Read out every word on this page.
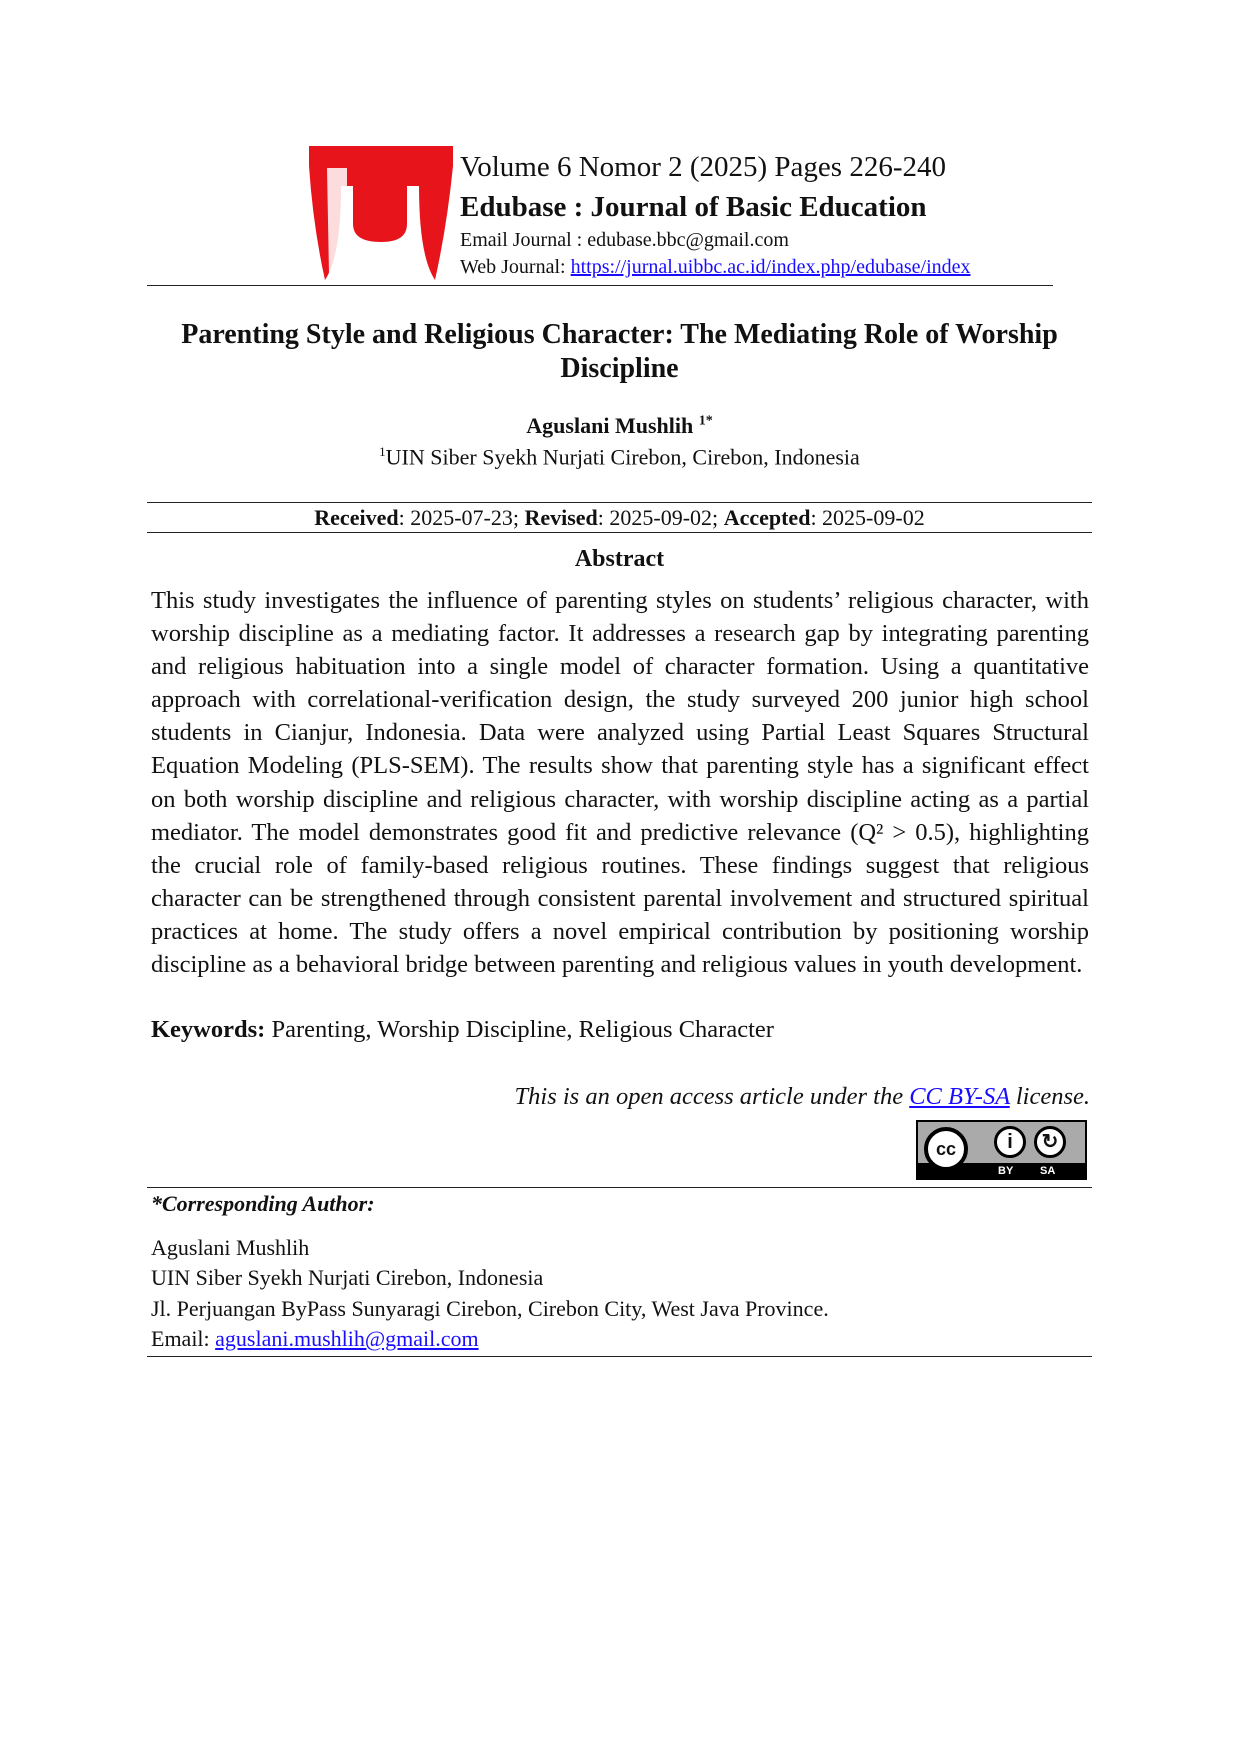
Volume 6 Nomor 2 (2025) Pages 226-240
Edubase : Journal of Basic Education
Email Journal : edubase.bbc@gmail.com
Web Journal: https://jurnal.uibbc.ac.id/index.php/edubase/index
Parenting Style and Religious Character: The Mediating Role of Worship
Discipline
Aguslani Mushlih $^{1*}$
$^1$UIN Siber Syekh Nurjati Cirebon, Cirebon, Indonesia
Received: 2025-07-23; Revised: 2025-09-02; Accepted: 2025-09-02
Abstract
This study investigates the influence of parenting styles on students’ religious character, with worship discipline as a mediating factor. It addresses a research gap by integrating parenting and religious habituation into a single model of character formation. Using a quantitative approach with correlational-verification design, the study surveyed 200 junior high school students in Cianjur, Indonesia. Data were analyzed using Partial Least Squares Structural Equation Modeling (PLS-SEM). The results show that parenting style has a significant effect on both worship discipline and religious character, with worship discipline acting as a partial mediator. The model demonstrates good fit and predictive relevance (Q² > 0.5), highlighting the crucial role of family-based religious routines. These findings suggest that religious character can be strengthened through consistent parental involvement and structured spiritual practices at home. The study offers a novel empirical contribution by positioning worship discipline as a behavioral bridge between parenting and religious values in youth development.
Keywords: Parenting, Worship Discipline, Religious Character
This is an open access article under the CC BY-SA license.
cc	i	↻
BY SA
*Corresponding Author:
Aguslani Mushlih
UIN Siber Syekh Nurjati Cirebon, Indonesia
Jl. Perjuangan ByPass Sunyaragi Cirebon, Cirebon City, West Java Province.
Email: aguslani.mushlih@gmail.com
